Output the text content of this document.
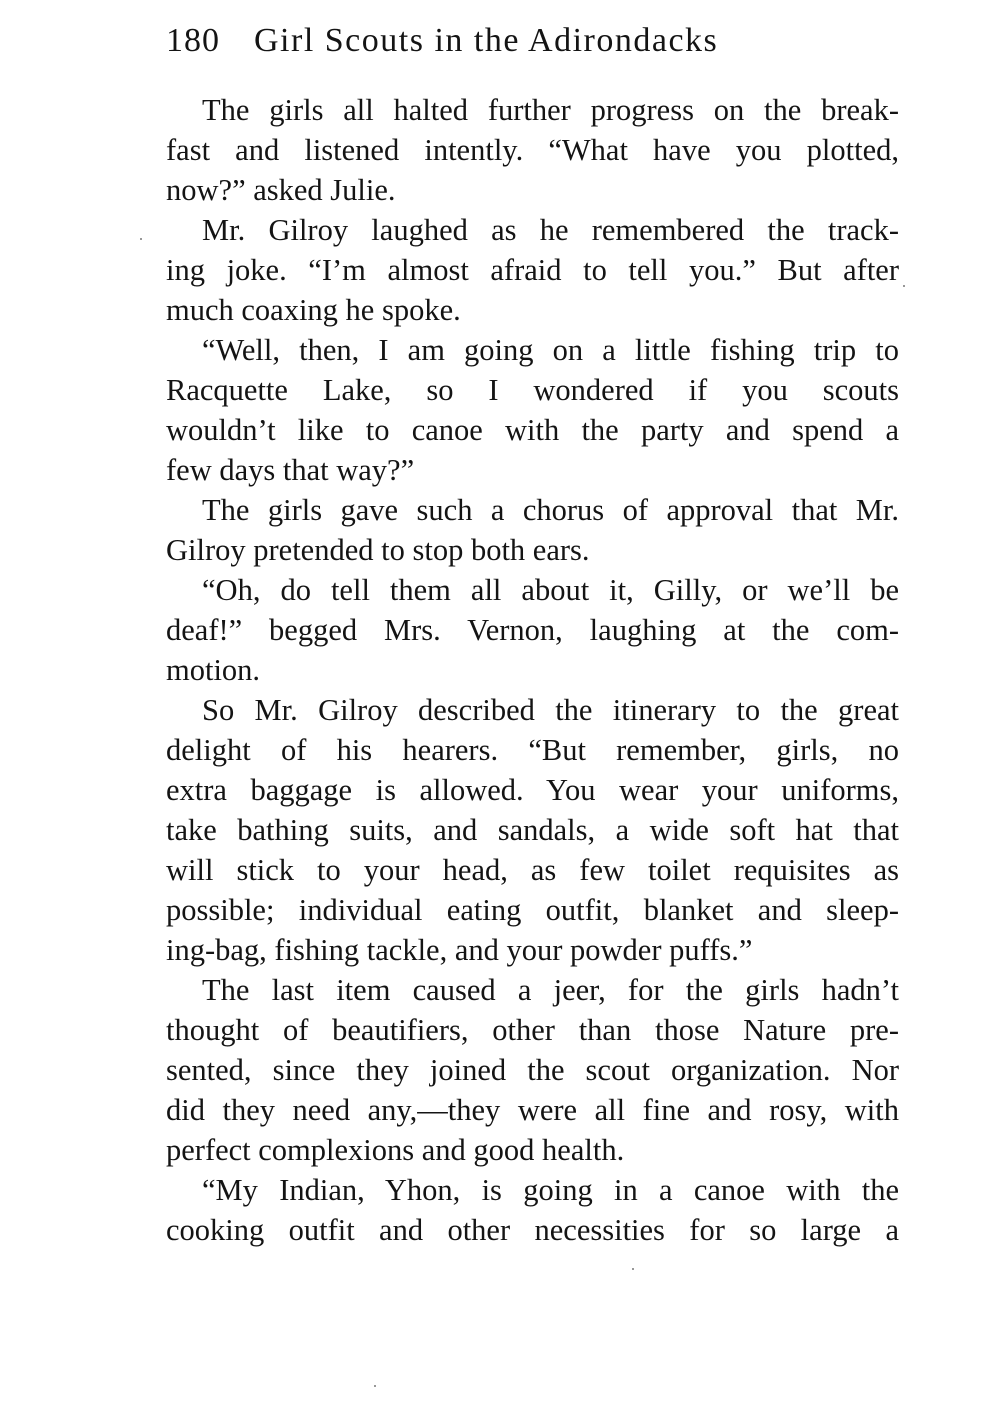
180 Girl Scouts in the Adirondacks
The girls all halted further progress on the break-
fast and listened intently. “What have you plotted,
now?” asked Julie.
Mr. Gilroy laughed as he remembered the track-
ing joke. “I’m almost afraid to tell you.” But after
much coaxing he spoke.
“Well, then, I am going on a little fishing trip to
Racquette Lake, so I wondered if you scouts
wouldn’t like to canoe with the party and spend a
few days that way?”
The girls gave such a chorus of approval that Mr.
Gilroy pretended to stop both ears.
“Oh, do tell them all about it, Gilly, or we’ll be
deaf!” begged Mrs. Vernon, laughing at the com-
motion.
So Mr. Gilroy described the itinerary to the great
delight of his hearers. “But remember, girls, no
extra baggage is allowed. You wear your uniforms,
take bathing suits, and sandals, a wide soft hat that
will stick to your head, as few toilet requisites as
possible; individual eating outfit, blanket and sleep-
ing-bag, fishing tackle, and your powder puffs.”
The last item caused a jeer, for the girls hadn’t
thought of beautifiers, other than those Nature pre-
sented, since they joined the scout organization. Nor
did they need any,—they were all fine and rosy, with
perfect complexions and good health.
“My Indian, Yhon, is going in a canoe with the
cooking outfit and other necessities for so large a
